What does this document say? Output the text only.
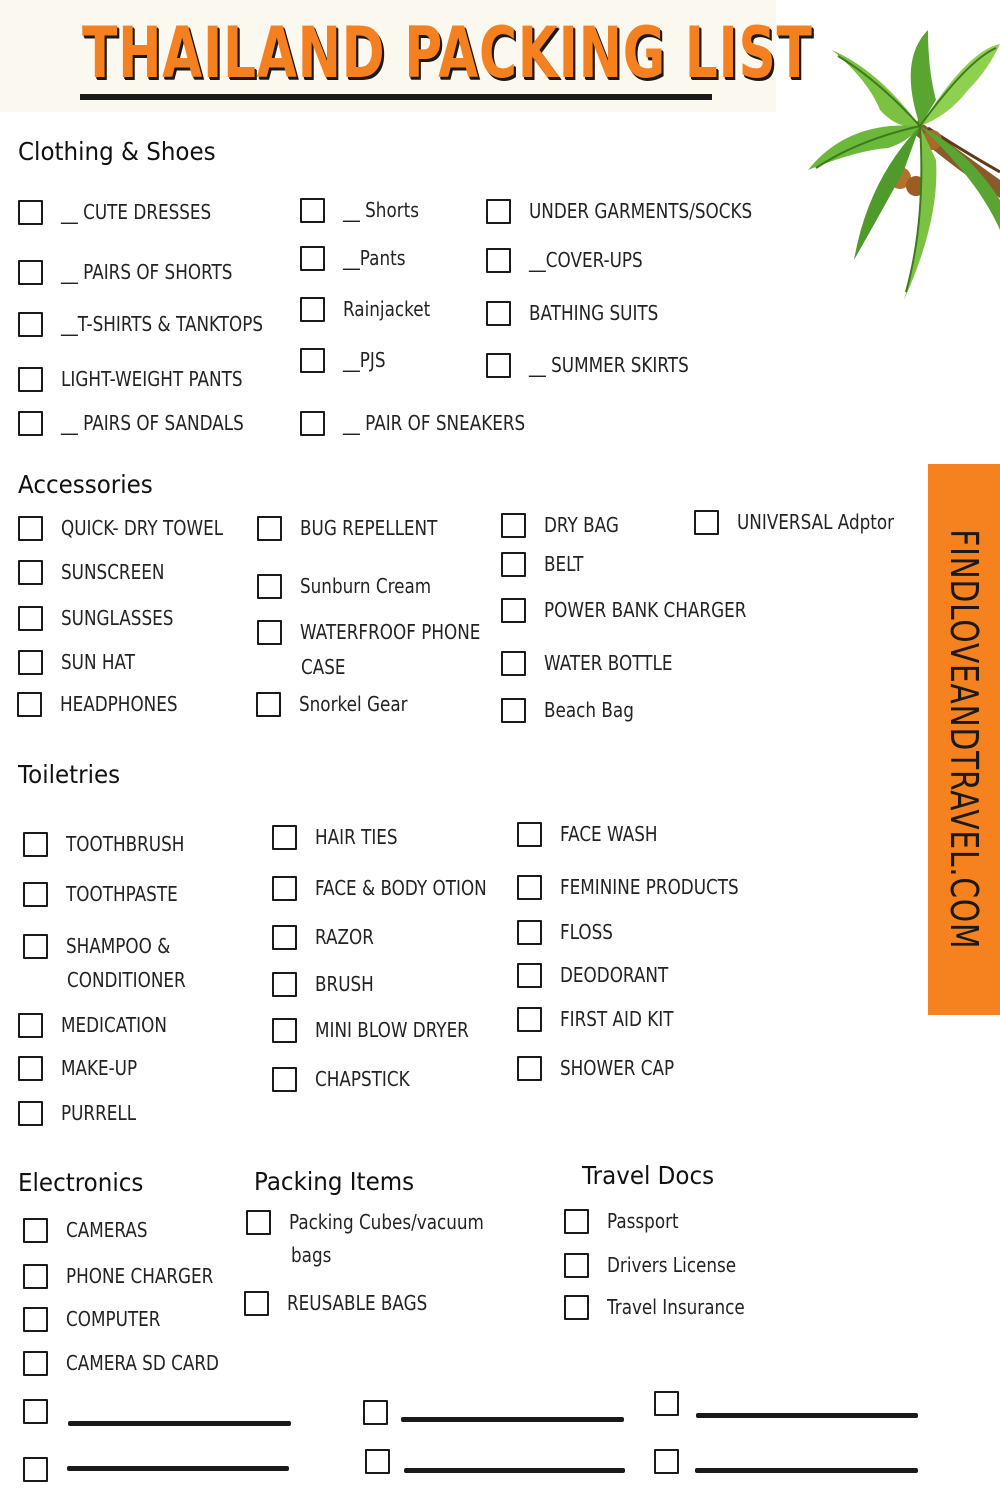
THAILAND PACKING LIST
FINDLOVEANDTRAVEL.COM
Clothing & Shoes
__ CUTE DRESSES
__ PAIRS OF SHORTS
__T-SHIRTS & TANKTOPS
LIGHT-WEIGHT PANTS
__ PAIRS OF SANDALS
__ Shorts
__Pants
Rainjacket
__PJS
__ PAIR OF SNEAKERS
UNDER GARMENTS/SOCKS
__COVER-UPS
BATHING SUITS
__ SUMMER SKIRTS
Accessories
QUICK- DRY TOWEL
SUNSCREEN
SUNGLASSES
SUN HAT
HEADPHONES
BUG REPELLENT
Sunburn Cream
WATERFROOF PHONE
CASE
Snorkel Gear
DRY BAG
BELT
POWER BANK CHARGER
WATER BOTTLE
Beach Bag
UNIVERSAL Adptor
Toiletries
TOOTHBRUSH
TOOTHPASTE
SHAMPOO &
CONDITIONER
MEDICATION
MAKE-UP
PURRELL
HAIR TIES
FACE & BODY OTION
RAZOR
BRUSH
MINI BLOW DRYER
CHAPSTICK
FACE WASH
FEMININE PRODUCTS
FLOSS
DEODORANT
FIRST AID KIT
SHOWER CAP
Electronics
CAMERAS
PHONE CHARGER
COMPUTER
CAMERA SD CARD
Packing Items
Packing Cubes/vacuum
bags
REUSABLE BAGS
Travel Docs
Passport
Drivers License
Travel Insurance
